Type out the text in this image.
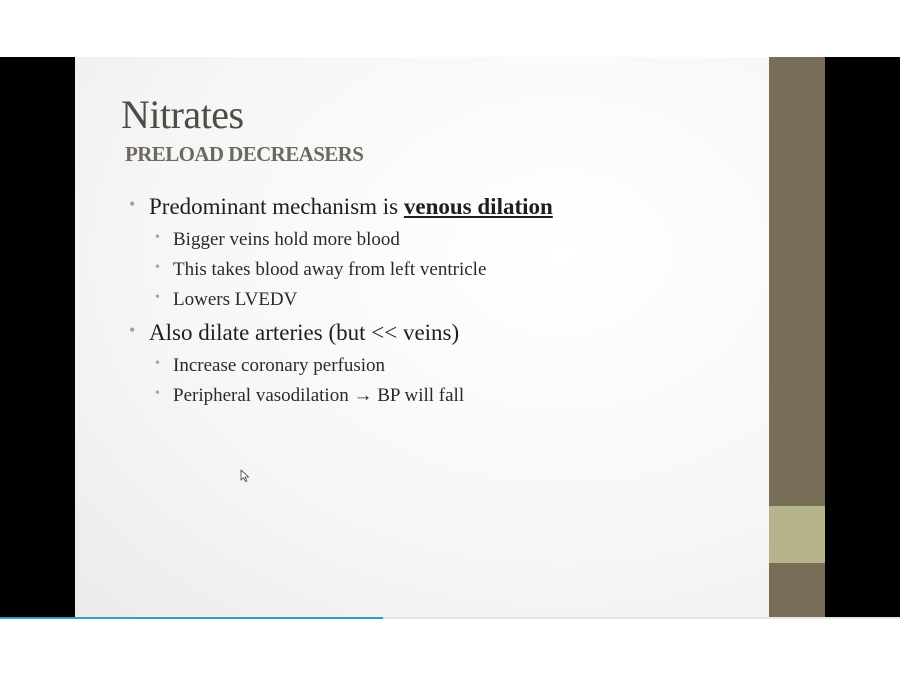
Nitrates
PRELOAD DECREASERS
• Predominant mechanism is venous dilation
• Bigger veins hold more blood
• This takes blood away from left ventricle
• Lowers LVEDV
• Also dilate arteries (but << veins)
• Increase coronary perfusion
• Peripheral vasodilation → BP will fall
